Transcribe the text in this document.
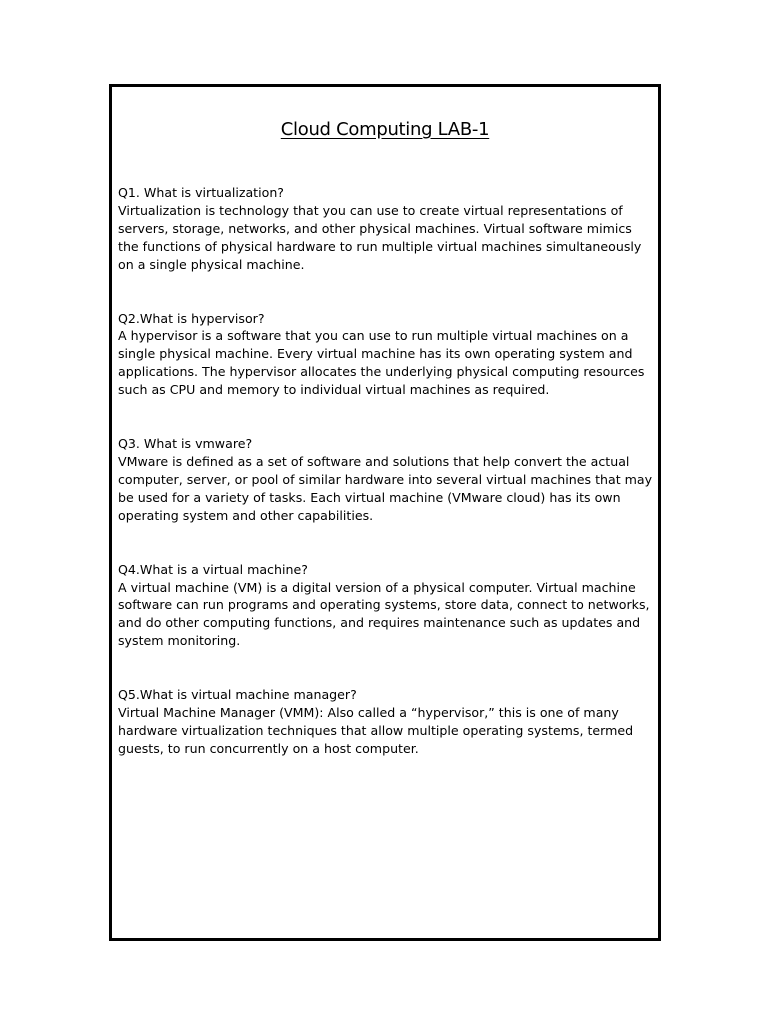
Cloud Computing LAB-1

Q1. What is virtualization?

Virtualization is technology that you can use to create virtual representations of servers, storage, networks, and other physical machines. Virtual software mimics the functions of physical hardware to run multiple virtual machines simultaneously on a single physical machine.

Q2.What is hypervisor?

A hypervisor is a software that you can use to run multiple virtual machines on a single physical machine. Every virtual machine has its own operating system and applications. The hypervisor allocates the underlying physical computing resources such as CPU and memory to individual virtual machines as required.

Q3. What is vmware?

VMware is defined as a set of software and solutions that help convert the actual computer, server, or pool of similar hardware into several virtual machines that may be used for a variety of tasks. Each virtual machine (VMware cloud) has its own operating system and other capabilities.

Q4.What is a virtual machine?

A virtual machine (VM) is a digital version of a physical computer. Virtual machine software can run programs and operating systems, store data, connect to networks, and do other computing functions, and requires maintenance such as updates and system monitoring.

Q5.What is virtual machine manager?

Virtual Machine Manager (VMM): Also called a “hypervisor,” this is one of many hardware virtualization techniques that allow multiple operating systems, termed guests, to run concurrently on a host computer.
